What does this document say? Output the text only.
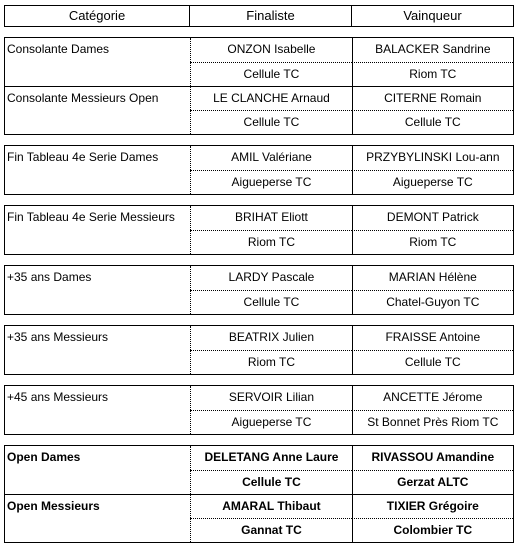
Catégorie	Finaliste	Vainqueur
Consolante Dames	ONZON Isabelle	BALACKER Sandrine
Cellule TC	Riom TC
Consolante Messieurs Open	LE CLANCHE Arnaud	CITERNE Romain
Cellule TC	Cellule TC
Fin Tableau 4e Serie Dames	AMIL Valériane	PRZYBYLINSKI Lou-ann
Aigueperse TC	Aigueperse TC
Fin Tableau 4e Serie Messieurs	BRIHAT Eliott	DEMONT Patrick
Riom TC	Riom TC
+35 ans Dames	LARDY Pascale	MARIAN Hélène
Cellule TC	Chatel-Guyon TC
+35 ans Messieurs	BEATRIX Julien	FRAISSE Antoine
Riom TC	Cellule TC
+45 ans Messieurs	SERVOIR Lilian	ANCETTE Jérome
Aigueperse TC	St Bonnet Près Riom TC
Open Dames	DELETANG Anne Laure	RIVASSOU Amandine
Cellule TC	Gerzat ALTC
Open Messieurs	AMARAL Thibaut	TIXIER Grégoire
Gannat TC	Colombier TC
